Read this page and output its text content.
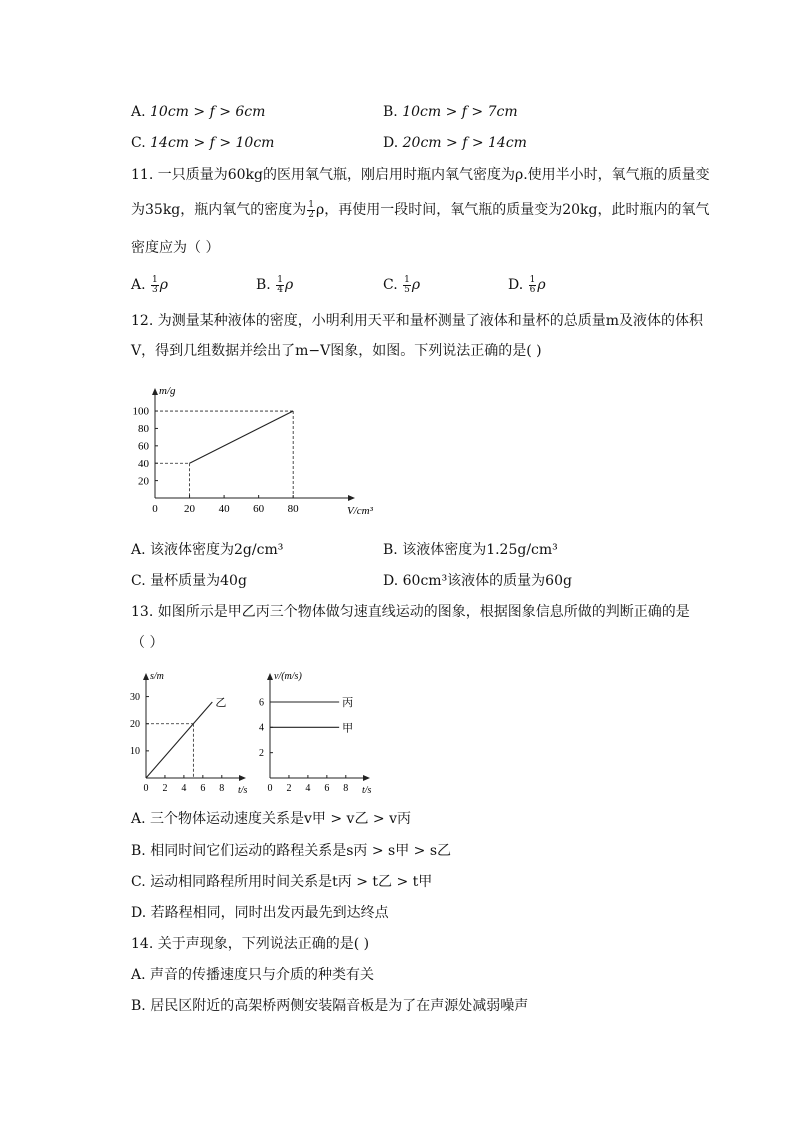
A. 10cm > f > 6cm	B. 10cm > f > 7cm
C. 14cm > f > 10cm	D. 20cm > f > 14cm
11. 一只质量为60kg的医用氧气瓶，刚启用时瓶内氧气密度为ρ.使用半小时，氧气瓶的质量变
为35kg，瓶内氧气的密度为 $\frac{1}{2}$ ρ，再使用一段时间，氧气瓶的质量变为20kg，此时瓶内的氧气
密度应为（ ）
A. $\frac{1}{3}$ ρ	B. $\frac{1}{4}$ ρ	C. $\frac{1}{5}$ ρ	D. $\frac{1}{6}$ ρ
12. 为测量某种液体的密度，小明利用天平和量杯测量了液体和量杯的总质量m及液体的体积
V，得到几组数据并绘出了m−V图象，如图。下列说法正确的是( )
V/cm³
m/g
0 20 40 60 80
20
40
60
80
100
A. 该液体密度为2g/cm³	B. 该液体密度为1.25g/cm³
C. 量杯质量为40g	D. 60cm³该液体的质量为60g
13. 如图所示是甲乙丙三个物体做匀速直线运动的图象，根据图象信息所做的判断正确的是
（ ）
t/s
s/m
0 2 4 6 8
10
20
30	乙
t/s
v/(m/s)
0 2 4 6 8
2
4
6	丙
甲
A. 三个物体运动速度关系是v甲 > v乙 > v丙
B. 相同时间它们运动的路程关系是s丙 > s甲 > s乙
C. 运动相同路程所用时间关系是t丙 > t乙 > t甲
D. 若路程相同，同时出发丙最先到达终点
14. 关于声现象，下列说法正确的是( )
A. 声音的传播速度只与介质的种类有关
B. 居民区附近的高架桥两侧安装隔音板是为了在声源处减弱噪声
